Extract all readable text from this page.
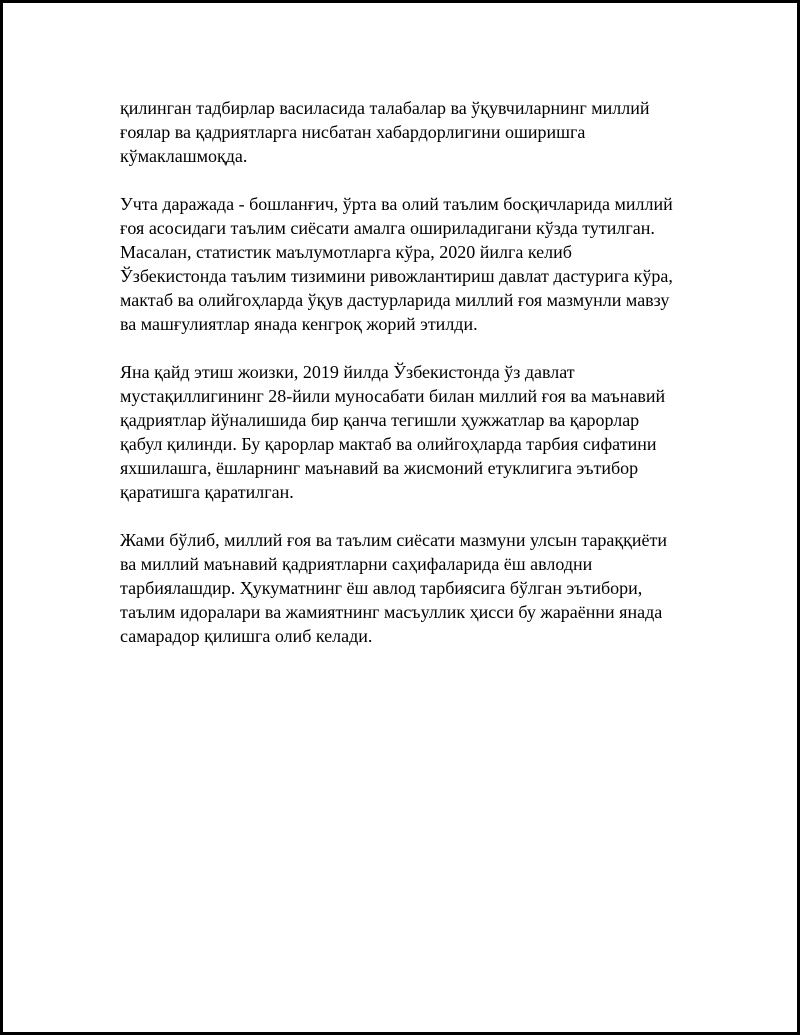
қилинган тадбирлар василасида талабалар ва ўқувчиларнинг миллий
ғоялар ва қадриятларга нисбатан хабардорлигини оширишга
кўмаклашмоқда.

Учта даражада - бошланғич, ўрта ва олий таълим босқичларида миллий
ғоя асосидаги таълим сиёсати амалга ошириладигани кўзда тутилган.
Масалан, статистик маълумотларга кўра, 2020 йилга келиб
Ўзбекистонда таълим тизимини ривожлантириш давлат дастурига кўра,
мактаб ва олийгоҳларда ўқув дастурларида миллий ғоя мазмунли мавзу
ва машғулиятлар янада кенгроқ жорий этилди.

Яна қайд этиш жоизки, 2019 йилда Ўзбекистонда ўз давлат
мустақиллигининг 28-йили муносабати билан миллий ғоя ва маънавий
қадриятлар йўналишида бир қанча тегишли ҳужжатлар ва қарорлар
қабул қилинди. Бу қарорлар мактаб ва олийгоҳларда тарбия сифатини
яхшилашга, ёшларнинг маънавий ва жисмоний етуклигига эътибор
қаратишга қаратилган.

Жами бўлиб, миллий ғоя ва таълим сиёсати мазмуни улсын тараққиёти
ва миллий маънавий қадриятларни саҳифаларида ёш авлодни
тарбиялашдир. Ҳукуматнинг ёш авлод тарбиясига бўлган эътибори,
таълим идоралари ва жамиятнинг масъуллик ҳисси бу жараённи янада
самарадор қилишга олиб келади.
